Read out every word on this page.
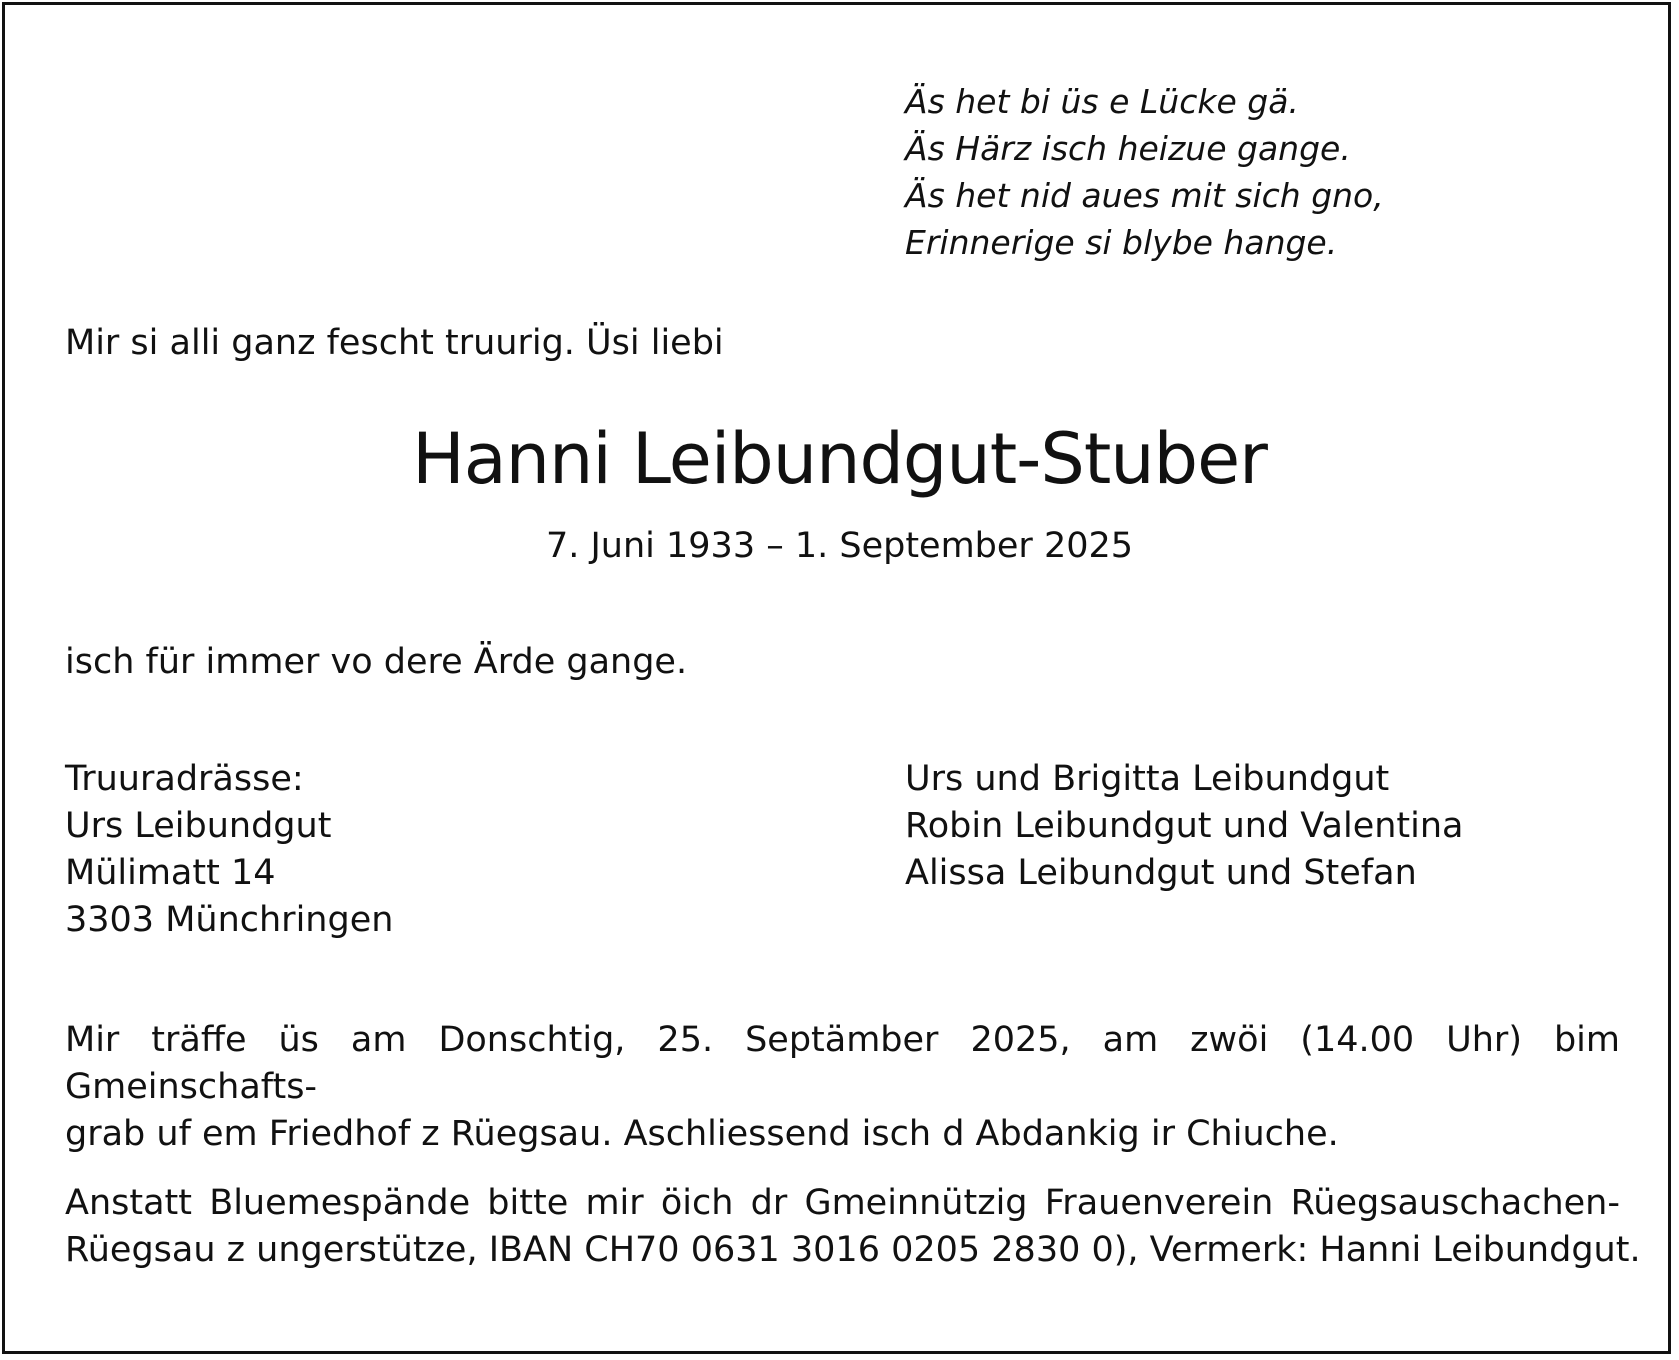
Äs het bi üs e Lücke gä.
Äs Härz isch heizue gange.
Äs het nid aues mit sich gno,
Erinnerige si blybe hange.
Mir si alli ganz fescht truurig. Üsi liebi
Hanni Leibundgut-Stuber
7. Juni 1933 – 1. September 2025
isch für immer vo dere Ärde gange.
Truuradrässe:
Urs Leibundgut
Mülimatt 14
3303 Münchringen
Urs und Brigitta Leibundgut
Robin Leibundgut und Valentina
Alissa Leibundgut und Stefan
Mir träffe üs am Donschtig, 25. Septämber 2025, am zwöi (14.00 Uhr) bim Gmeinschafts-
grab uf em Friedhof z Rüegsau. Aschliessend isch d Abdankig ir Chiuche.
Anstatt Bluemespände bitte mir öich dr Gmeinnützig Frauenverein Rüegsauschachen-
Rüegsau z ungerstütze, IBAN CH70 0631 3016 0205 2830 0), Vermerk: Hanni Leibundgut.
